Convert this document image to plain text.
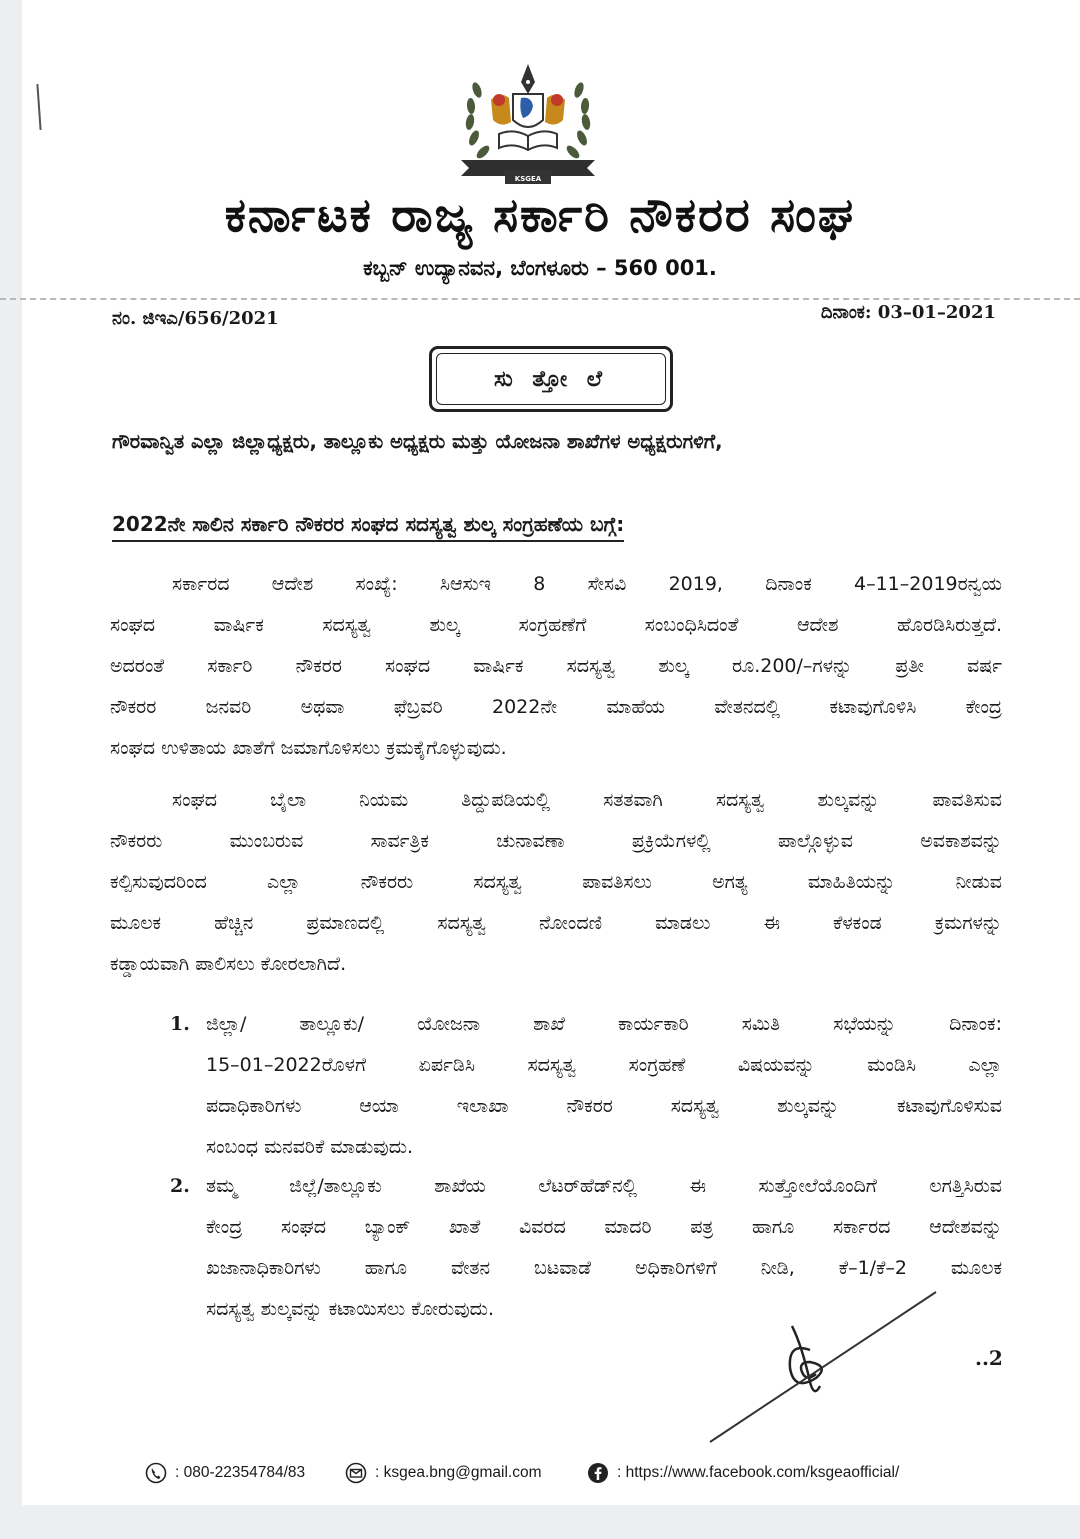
KSGEA
ಕರ್ನಾಟಕ ರಾಜ್ಯ ಸರ್ಕಾರಿ ನೌಕರರ ಸಂಘ
ಕಬ್ಬನ್ ಉದ್ಯಾನವನ, ಬೆಂಗಳೂರು – 560 001.
ನಂ. ಜಿಇಎ/656/2021	ದಿನಾಂಕ: 03–01–2021
ಸು ತ್ತೋ ಲೆ
ಗೌರವಾನ್ವಿತ ಎಲ್ಲಾ ಜಿಲ್ಲಾಧ್ಯಕ್ಷರು, ತಾಲ್ಲೂಕು ಅಧ್ಯಕ್ಷರು ಮತ್ತು ಯೋಜನಾ ಶಾಖೆಗಳ ಅಧ್ಯಕ್ಷರುಗಳಿಗೆ,
2022ನೇ ಸಾಲಿನ ಸರ್ಕಾರಿ ನೌಕರರ ಸಂಘದ ಸದಸ್ಯತ್ವ ಶುಲ್ಕ ಸಂಗ್ರಹಣೆಯ ಬಗ್ಗೆ:
ಸರ್ಕಾರದ ಆದೇಶ ಸಂಖ್ಯೆ: ಸಿಆಸುಇ 8 ಸೇಸವಿ 2019, ದಿನಾಂಕ 4–11–2019ರನ್ವಯ
ಸಂಘದ ವಾರ್ಷಿಕ ಸದಸ್ಯತ್ವ ಶುಲ್ಕ ಸಂಗ್ರಹಣೆಗೆ ಸಂಬಂಧಿಸಿದಂತೆ ಆದೇಶ ಹೊರಡಿಸಿರುತ್ತದೆ.
ಅದರಂತೆ ಸರ್ಕಾರಿ ನೌಕರರ ಸಂಘದ ವಾರ್ಷಿಕ ಸದಸ್ಯತ್ವ ಶುಲ್ಕ ರೂ.200/–ಗಳನ್ನು ಪ್ರತೀ ವರ್ಷ
ನೌಕರರ ಜನವರಿ ಅಥವಾ ಫೆಬ್ರವರಿ 2022ನೇ ಮಾಹೆಯ ವೇತನದಲ್ಲಿ ಕಟಾವುಗೊಳಿಸಿ ಕೇಂದ್ರ
ಸಂಘದ ಉಳಿತಾಯ ಖಾತೆಗೆ ಜಮಾಗೊಳಿಸಲು ಕ್ರಮಕೈಗೊಳ್ಳುವುದು.
ಸಂಘದ ಬೈಲಾ ನಿಯಮ ತಿದ್ದುಪಡಿಯಲ್ಲಿ ಸತತವಾಗಿ ಸದಸ್ಯತ್ವ ಶುಲ್ಕವನ್ನು ಪಾವತಿಸುವ
ನೌಕರರು ಮುಂಬರುವ ಸಾರ್ವತ್ರಿಕ ಚುನಾವಣಾ ಪ್ರಕ್ರಿಯೆಗಳಲ್ಲಿ ಪಾಲ್ಗೊಳ್ಳುವ ಅವಕಾಶವನ್ನು
ಕಲ್ಪಿಸುವುದರಿಂದ ಎಲ್ಲಾ ನೌಕರರು ಸದಸ್ಯತ್ವ ಪಾವತಿಸಲು ಅಗತ್ಯ ಮಾಹಿತಿಯನ್ನು ನೀಡುವ
ಮೂಲಕ ಹೆಚ್ಚಿನ ಪ್ರಮಾಣದಲ್ಲಿ ಸದಸ್ಯತ್ವ ನೋಂದಣಿ ಮಾಡಲು ಈ ಕೆಳಕಂಡ ಕ್ರಮಗಳನ್ನು
ಕಡ್ಡಾಯವಾಗಿ ಪಾಲಿಸಲು ಕೋರಲಾಗಿದೆ.
1. ಜಿಲ್ಲಾ/ ತಾಲ್ಲೂಕು/ ಯೋಜನಾ ಶಾಖೆ ಕಾರ್ಯಕಾರಿ ಸಮಿತಿ ಸಭೆಯನ್ನು ದಿನಾಂಕ:
15–01–2022ರೊಳಗೆ ಏರ್ಪಡಿಸಿ ಸದಸ್ಯತ್ವ ಸಂಗ್ರಹಣೆ ವಿಷಯವನ್ನು ಮಂಡಿಸಿ ಎಲ್ಲಾ
ಪದಾಧಿಕಾರಿಗಳು ಆಯಾ ಇಲಾಖಾ ನೌಕರರ ಸದಸ್ಯತ್ವ ಶುಲ್ಕವನ್ನು ಕಟಾವುಗೊಳಿಸುವ
ಸಂಬಂಧ ಮನವರಿಕೆ ಮಾಡುವುದು.
2. ತಮ್ಮ ಜಿಲ್ಲೆ/ತಾಲ್ಲೂಕು ಶಾಖೆಯ ಲೆಟರ್‌ಹೆಡ್‌ನಲ್ಲಿ ಈ ಸುತ್ತೋಲೆಯೊಂದಿಗೆ ಲಗತ್ತಿಸಿರುವ
ಕೇಂದ್ರ ಸಂಘದ ಬ್ಯಾಂಕ್ ಖಾತೆ ವಿವರದ ಮಾದರಿ ಪತ್ರ ಹಾಗೂ ಸರ್ಕಾರದ ಆದೇಶವನ್ನು
ಖಜಾನಾಧಿಕಾರಿಗಳು ಹಾಗೂ ವೇತನ ಬಟವಾಡೆ ಅಧಿಕಾರಿಗಳಿಗೆ ನೀಡಿ, ಕೆ–1/ಕೆ–2 ಮೂಲಕ
ಸದಸ್ಯತ್ವ ಶುಲ್ಕವನ್ನು ಕಟಾಯಿಸಲು ಕೋರುವುದು.
..2
: 080-22354784/83	: ksgea.bng@gmail.com	: https://www.facebook.com/ksgeaofficial/
